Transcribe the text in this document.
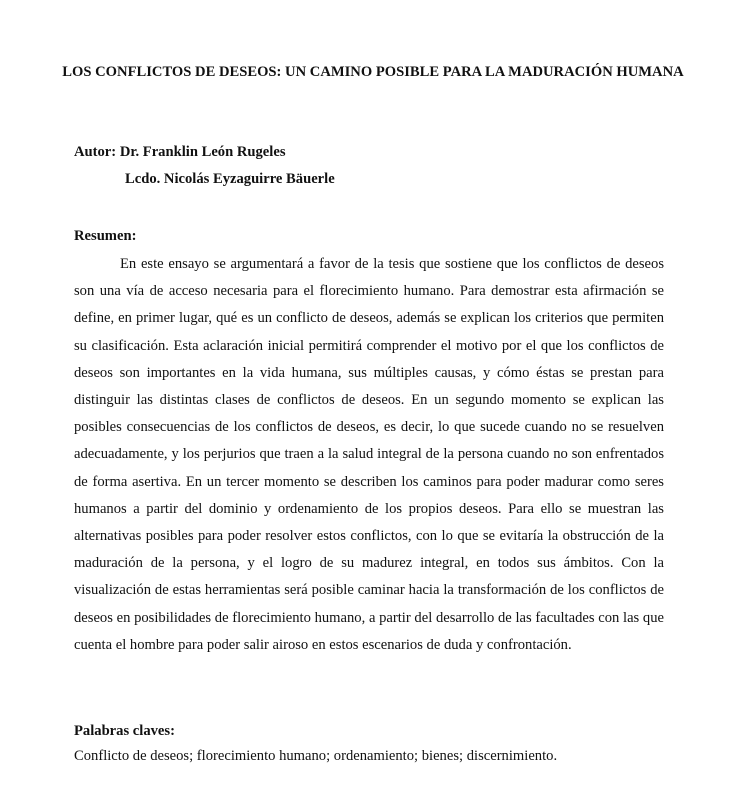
LOS CONFLICTOS DE DESEOS: UN CAMINO POSIBLE PARA LA MADURACIÓN HUMANA
Autor: Dr. Franklin León Rugeles
Lcdo. Nicolás Eyzaguirre Bäuerle
Resumen:

En este ensayo se argumentará a favor de la tesis que sostiene que los conflictos de deseos son una vía de acceso necesaria para el florecimiento humano. Para demostrar esta afirmación se define, en primer lugar, qué es un conflicto de deseos, además se explican los criterios que permiten su clasificación. Esta aclaración inicial permitirá comprender el motivo por el que los conflictos de deseos son importantes en la vida humana, sus múltiples causas, y cómo éstas se prestan para distinguir las distintas clases de conflictos de deseos. En un segundo momento se explican las posibles consecuencias de los conflictos de deseos, es decir, lo que sucede cuando no se resuelven adecuadamente, y los perjurios que traen a la salud integral de la persona cuando no son enfrentados de forma asertiva. En un tercer momento se describen los caminos para poder madurar como seres humanos a partir del dominio y ordenamiento de los propios deseos. Para ello se muestran las alternativas posibles para poder resolver estos conflictos, con lo que se evitaría la obstrucción de la maduración de la persona, y el logro de su madurez integral, en todos sus ámbitos. Con la visualización de estas herramientas será posible caminar hacia la transformación de los conflictos de deseos en posibilidades de florecimiento humano, a partir del desarrollo de las facultades con las que cuenta el hombre para poder salir airoso en estos escenarios de duda y confrontación.

Palabras claves:

Conflicto de deseos; florecimiento humano; ordenamiento; bienes; discernimiento.
